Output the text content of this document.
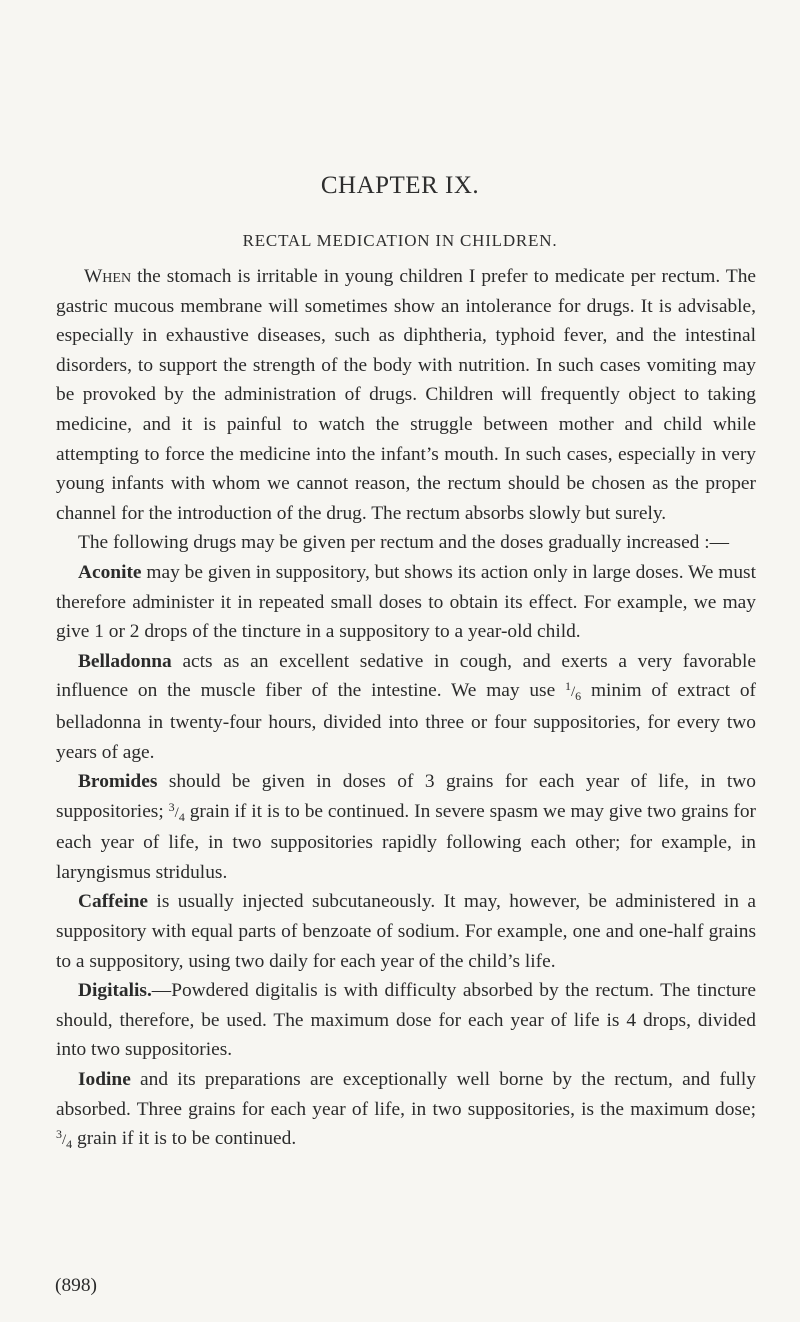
CHAPTER IX.
RECTAL MEDICATION IN CHILDREN.

When the stomach is irritable in young children I prefer to medicate per rectum. The gastric mucous membrane will sometimes show an intolerance for drugs. It is advisable, especially in exhaustive diseases, such as diphtheria, typhoid fever, and the intestinal disorders, to support the strength of the body with nutrition. In such cases vomiting may be provoked by the administration of drugs. Children will frequently object to taking medicine, and it is painful to watch the struggle between mother and child while attempting to force the medicine into the infant’s mouth. In such cases, especially in very young infants with whom we cannot reason, the rectum should be chosen as the proper channel for the introduction of the drug. The rectum absorbs slowly but surely.

The following drugs may be given per rectum and the doses gradually increased :—

Aconite may be given in suppository, but shows its action only in large doses. We must therefore administer it in repeated small doses to obtain its effect. For example, we may give 1 or 2 drops of the tincture in a suppository to a year-old child.

Belladonna acts as an excellent sedative in cough, and exerts a very favorable influence on the muscle fiber of the intestine. We may use $^1/_6$ minim of extract of belladonna in twenty-four hours, divided into three or four suppositories, for every two years of age.

Bromides should be given in doses of 3 grains for each year of life, in two suppositories; $^3/_4$ grain if it is to be continued. In severe spasm we may give two grains for each year of life, in two suppositories rapidly following each other; for example, in laryngismus stridulus.

Caffeine is usually injected subcutaneously. It may, however, be administered in a suppository with equal parts of benzoate of sodium. For example, one and one-half grains to a suppository, using two daily for each year of the child’s life.

Digitalis.—Powdered digitalis is with difficulty absorbed by the rectum. The tincture should, therefore, be used. The maximum dose for each year of life is 4 drops, divided into two suppositories.

Iodine and its preparations are exceptionally well borne by the rectum, and fully absorbed. Three grains for each year of life, in two suppositories, is the maximum dose; $^3/_4$ grain if it is to be continued.

(898)
